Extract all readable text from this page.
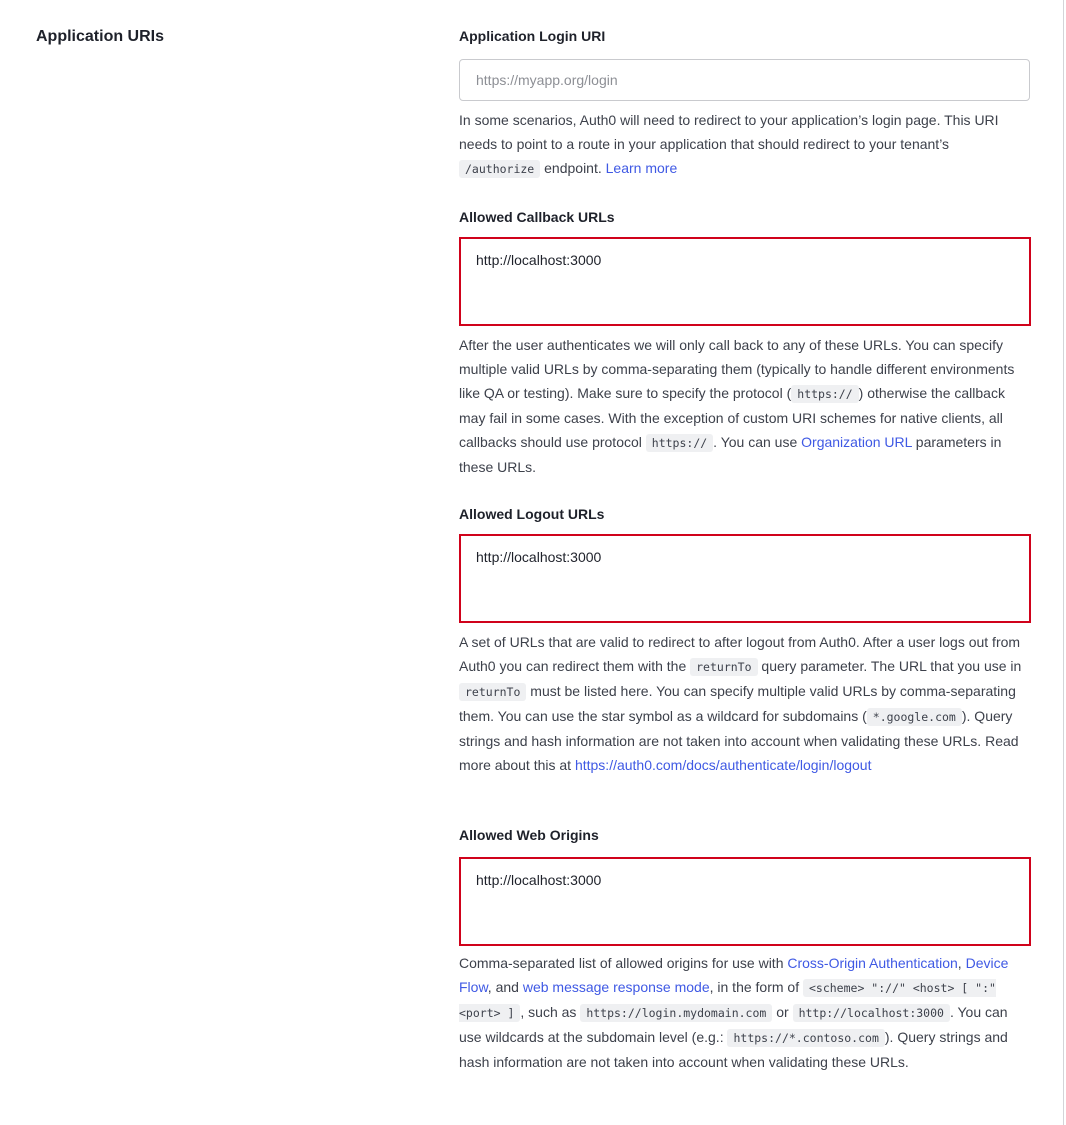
Application URIs	Application Login URI
https://myapp.org/login

In some scenarios, Auth0 will need to redirect to your application’s login page. This URI needs to point to a route in your application that should redirect to your tenant’s /authorize endpoint. Learn more

Allowed Callback URLs
http://localhost:3000

After the user authenticates we will only call back to any of these URLs. You can specify multiple valid URLs by comma-separating them (typically to handle different environments like QA or testing). Make sure to specify the protocol ( https:// ) otherwise the callback may fail in some cases. With the exception of custom URI schemes for native clients, all callbacks should use protocol https:// . You can use Organization URL parameters in these URLs.

Allowed Logout URLs
http://localhost:3000

A set of URLs that are valid to redirect to after logout from Auth0. After a user logs out from Auth0 you can redirect them with the returnTo query parameter. The URL that you use in returnTo must be listed here. You can specify multiple valid URLs by comma-separating them. You can use the star symbol as a wildcard for subdomains ( *.google.com ). Query strings and hash information are not taken into account when validating these URLs. Read more about this at https://auth0.com/docs/authenticate/login/logout

Allowed Web Origins
http://localhost:3000

Comma-separated list of allowed origins for use with Cross-Origin Authentication, Device Flow, and web message response mode, in the form of <scheme> "://" <host> [ ":" <port> ] , such as https://login.mydomain.com or http://localhost:3000 . You can use wildcards at the subdomain level (e.g.: https://*.contoso.com ). Query strings and hash information are not taken into account when validating these URLs.
